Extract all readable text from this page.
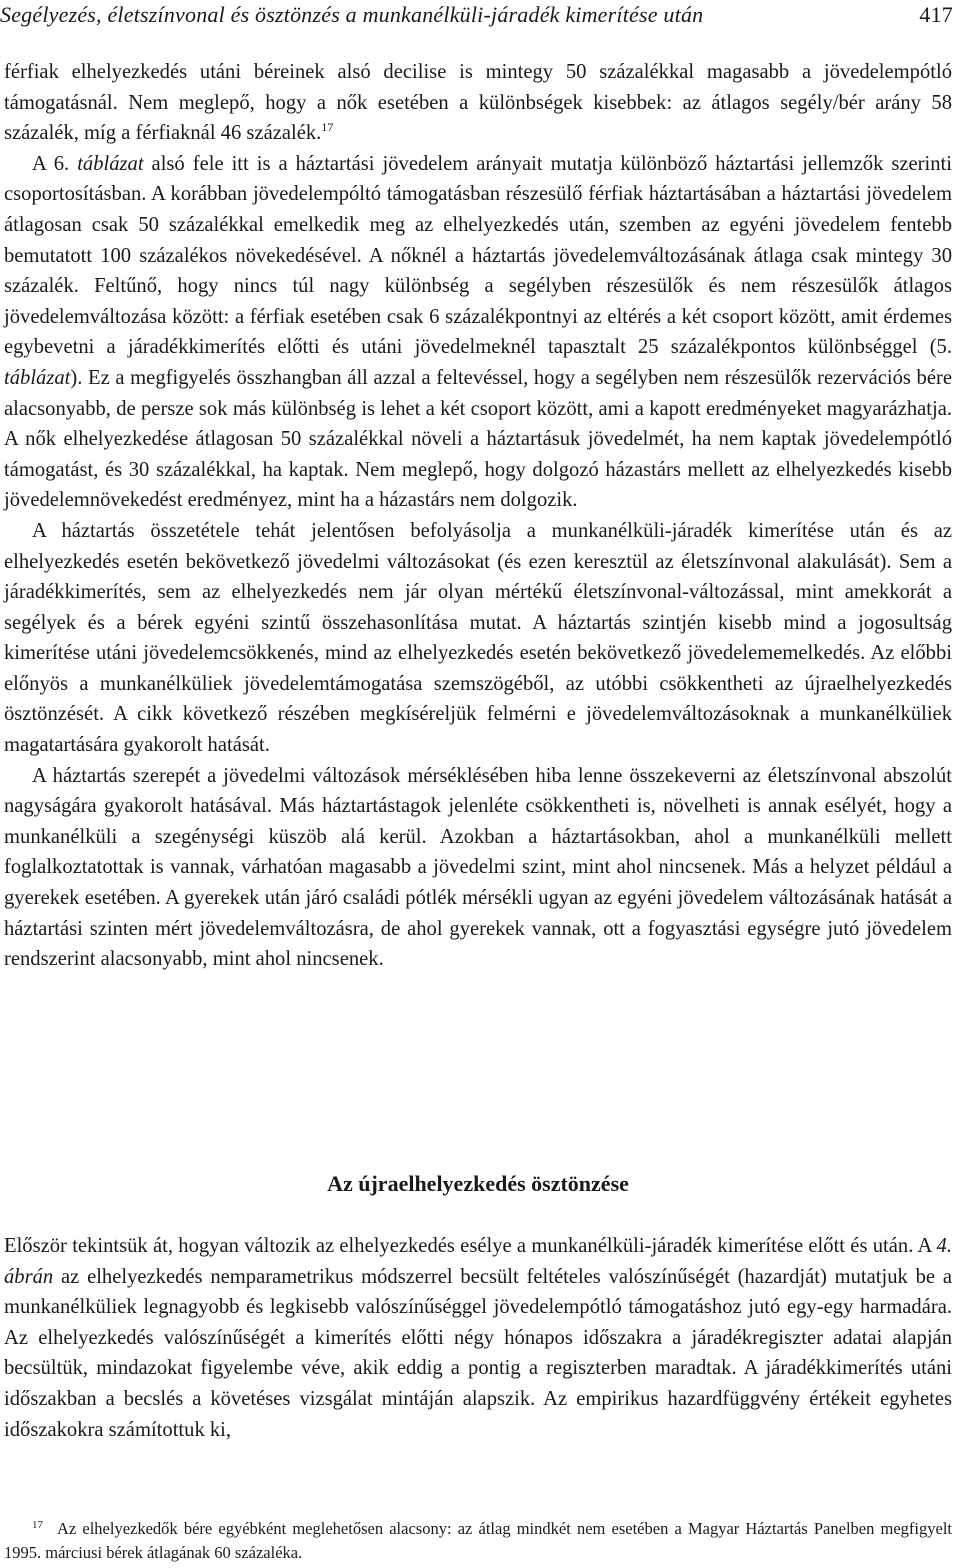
Segélyezés, életszínvonal és ösztönzés a munkanélküli-járadék kimerítése után	417

férfiak elhelyezkedés utáni béreinek alsó decilise is mintegy 50 százalékkal magasabb a jövedelempótló támogatásnál. Nem meglepő, hogy a nők esetében a különbségek kisebbek: az átlagos segély/bér arány 58 százalék, míg a férfiaknál 46 százalék.$^{17}$

A 6. táblázat alsó fele itt is a háztartási jövedelem arányait mutatja különböző háztartási jellemzők szerinti csoportosításban. A korábban jövedelempóltó támogatásban részesülő férfiak háztartásában a háztartási jövedelem átlagosan csak 50 százalékkal emelkedik meg az elhelyezkedés után, szemben az egyéni jövedelem fentebb bemutatott 100 százalékos növekedésével. A nőknél a háztartás jövedelemváltozásának átlaga csak mintegy 30 százalék. Feltűnő, hogy nincs túl nagy különbség a segélyben részesülők és nem részesülők átlagos jövedelemváltozása között: a férfiak esetében csak 6 százalékpontnyi az eltérés a két csoport között, amit érdemes egybevetni a járadékkimerítés előtti és utáni jövedelmeknél tapasztalt 25 százalékpontos különbséggel (5. táblázat). Ez a megfigyelés összhangban áll azzal a feltevéssel, hogy a segélyben nem részesülők rezervációs bére alacsonyabb, de persze sok más különbség is lehet a két csoport között, ami a kapott eredményeket magyarázhatja. A nők elhelyezkedése átlagosan 50 százalékkal növeli a háztartásuk jövedelmét, ha nem kaptak jövedelempótló támogatást, és 30 százalékkal, ha kaptak. Nem meglepő, hogy dolgozó házastárs mellett az elhelyezkedés kisebb jövedelemnövekedést eredményez, mint ha a házastárs nem dolgozik.

A háztartás összetétele tehát jelentősen befolyásolja a munkanélküli-járadék kimerítése után és az elhelyezkedés esetén bekövetkező jövedelmi változásokat (és ezen keresztül az életszínvonal alakulását). Sem a járadékkimerítés, sem az elhelyezkedés nem jár olyan mértékű életszínvonal-változással, mint amekkorát a segélyek és a bérek egyéni szintű összehasonlítása mutat. A háztartás szintjén kisebb mind a jogosultság kimerítése utáni jövedelemcsökkenés, mind az elhelyezkedés esetén bekövetkező jövedelememelkedés. Az előbbi előnyös a munkanélküliek jövedelemtámogatása szemszögéből, az utóbbi csökkentheti az újraelhelyezkedés ösztönzését. A cikk következő részében megkíséreljük felmérni e jövedelemváltozásoknak a munkanélküliek magatartására gyakorolt hatását.

A háztartás szerepét a jövedelmi változások mérséklésében hiba lenne összekeverni az életszínvonal abszolút nagyságára gyakorolt hatásával. Más háztartástagok jelenléte csökkentheti is, növelheti is annak esélyét, hogy a munkanélküli a szegénységi küszöb alá kerül. Azokban a háztartásokban, ahol a munkanélküli mellett foglalkoztatottak is vannak, várhatóan magasabb a jövedelmi szint, mint ahol nincsenek. Más a helyzet például a gyerekek esetében. A gyerekek után járó családi pótlék mérsékli ugyan az egyéni jövedelem változásának hatását a háztartási szinten mért jövedelemváltozásra, de ahol gyerekek vannak, ott a fogyasztási egységre jutó jövedelem rendszerint alacsonyabb, mint ahol nincsenek.

Az újraelhelyezkedés ösztönzése

Először tekintsük át, hogyan változik az elhelyezkedés esélye a munkanélküli-járadék kimerítése előtt és után. A 4. ábrán az elhelyezkedés nemparametrikus módszerrel becsült feltételes valószínűségét (hazardját) mutatjuk be a munkanélküliek legnagyobb és legkisebb valószínűséggel jövedelempótló támogatáshoz jutó egy-egy harmadára. Az elhelyezkedés valószínűségét a kimerítés előtti négy hónapos időszakra a járadékregiszter adatai alapján becsültük, mindazokat figyelembe véve, akik eddig a pontig a regiszterben maradtak. A járadékkimerítés utáni időszakban a becslés a követéses vizsgálat mintáján alapszik. Az empirikus hazardfüggvény értékeit egyhetes időszakokra számítottuk ki,

$^{17}$ Az elhelyezkedők bére egyébként meglehetősen alacsony: az átlag mindkét nem esetében a Magyar Háztartás Panelben megfigyelt 1995. márciusi bérek átlagának 60 százaléka.
